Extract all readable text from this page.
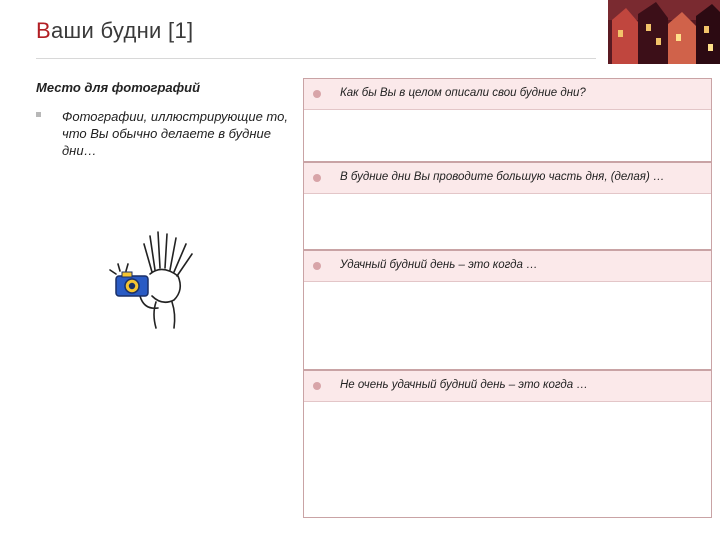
Ваши будни [1]
Место для фотографий
Фотографии, иллюстрирующие то, что Вы обычно делаете в будние дни…
Как бы Вы в целом описали свои будние дни?
В будние дни Вы проводите большую часть дня, (делая) …
Удачный будний день – это когда …
Не очень удачный будний день – это когда …
